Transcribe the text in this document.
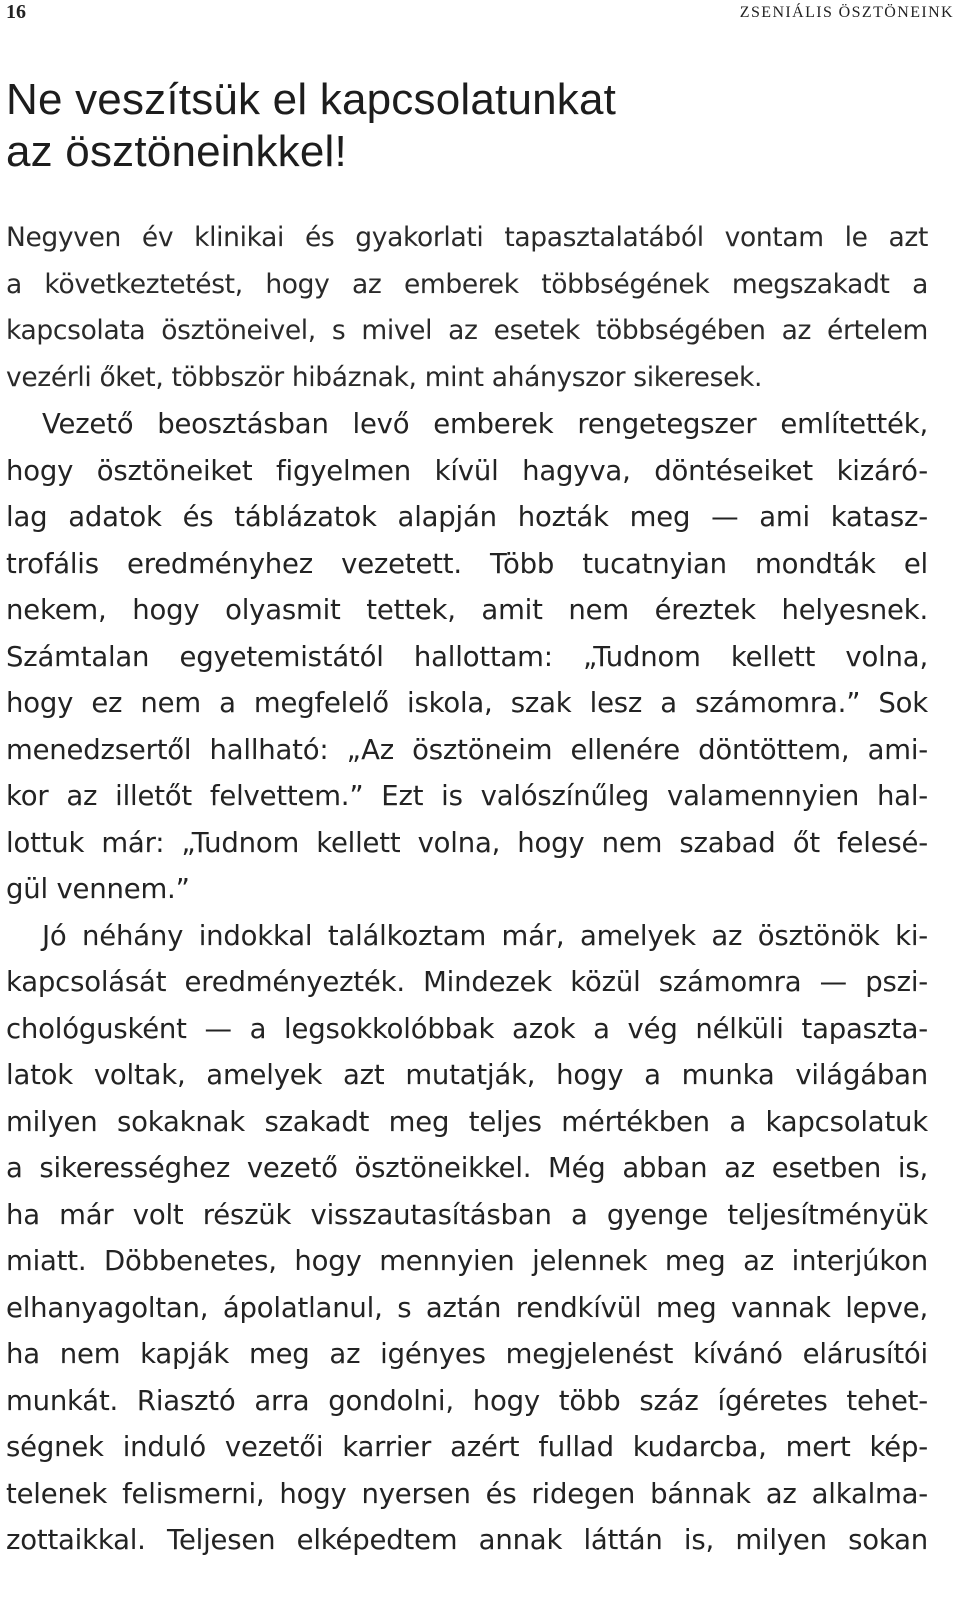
16	ZSENIÁLIS ÖSZTÖNEINK
Ne veszítsük el kapcsolatunkat
az ösztöneinkkel!

Negyven év klinikai és gyakorlati tapasztalatából vontam le azt
a következtetést, hogy az emberek többségének megszakadt a
kapcsolata ösztöneivel, s mivel az esetek többségében az értelem
vezérli őket, többször hibáznak, mint ahányszor sikeresek.

Vezető beosztásban levő emberek rengetegszer említették,
hogy ösztöneiket figyelmen kívül hagyva, döntéseiket kizáró-
lag adatok és táblázatok alapján hozták meg — ami katasz-
trofális eredményhez vezetett. Több tucatnyian mondták el
nekem, hogy olyasmit tettek, amit nem éreztek helyesnek.
Számtalan egyetemistától hallottam: „Tudnom kellett volna,
hogy ez nem a megfelelő iskola, szak lesz a számomra.” Sok
menedzsertől hallható: „Az ösztöneim ellenére döntöttem, ami-
kor az illetőt felvettem.” Ezt is valószínűleg valamennyien hal-
lottuk már: „Tudnom kellett volna, hogy nem szabad őt felesé-
gül vennem.”

Jó néhány indokkal találkoztam már, amelyek az ösztönök ki-
kapcsolását eredményezték. Mindezek közül számomra — pszi-
chológusként — a legsokkolóbbak azok a vég nélküli tapaszta-
latok voltak, amelyek azt mutatják, hogy a munka világában
milyen sokaknak szakadt meg teljes mértékben a kapcsolatuk
a sikerességhez vezető ösztöneikkel. Még abban az esetben is,
ha már volt részük visszautasításban a gyenge teljesítményük
miatt. Döbbenetes, hogy mennyien jelennek meg az interjúkon
elhanyagoltan, ápolatlanul, s aztán rendkívül meg vannak lepve,
ha nem kapják meg az igényes megjelenést kívánó elárusítói
munkát. Riasztó arra gondolni, hogy több száz ígéretes tehet-
ségnek induló vezetői karrier azért fullad kudarcba, mert kép-
telenek felismerni, hogy nyersen és ridegen bánnak az alkalma-
zottaikkal. Teljesen elképedtem annak láttán is, milyen sokan
